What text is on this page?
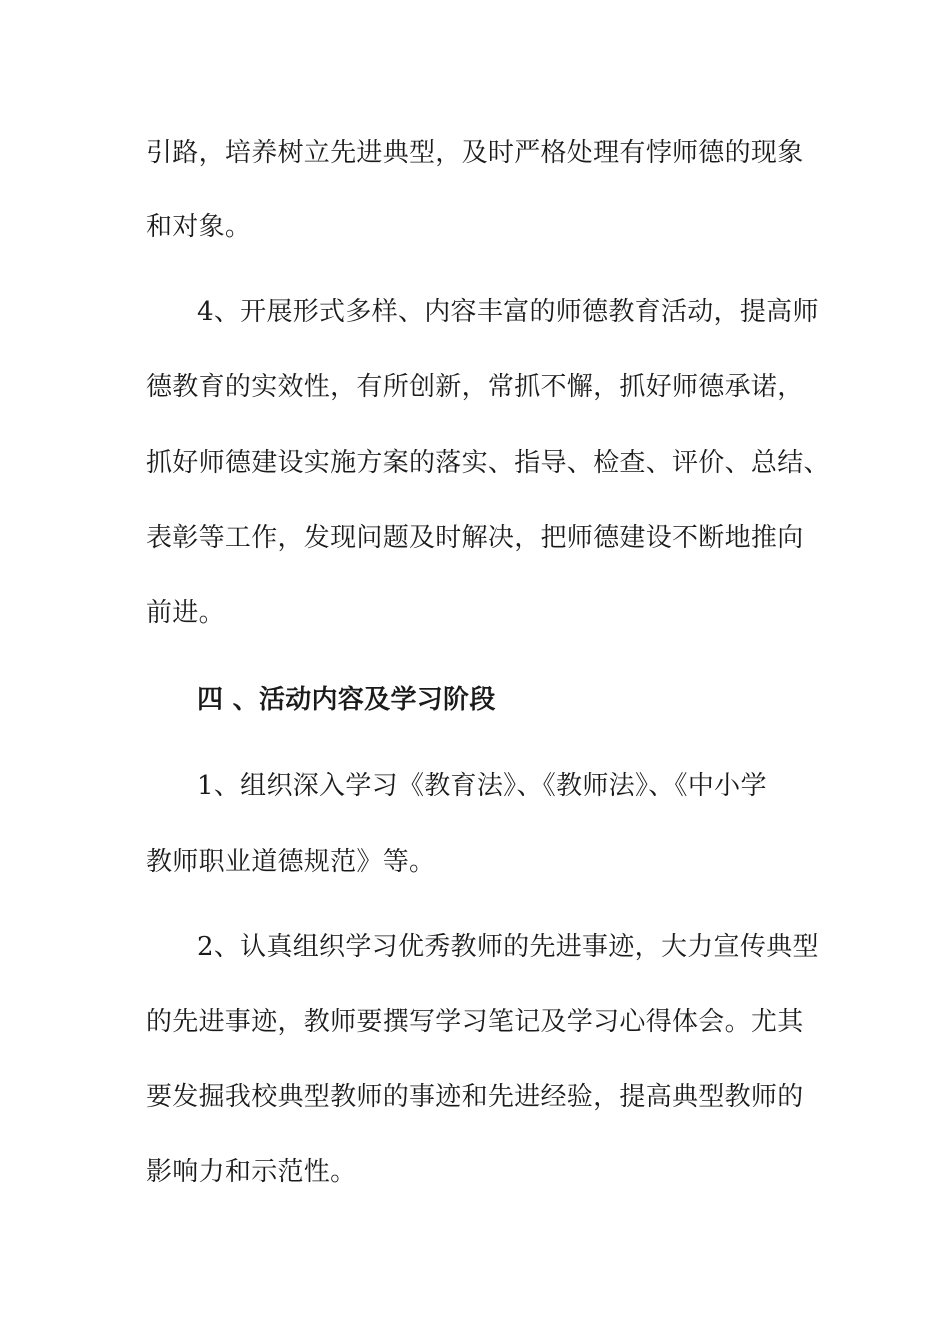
引路，培养树立先进典型，及时严格处理有悖师德的现象
和对象。
4、开展形式多样、内容丰富的师德教育活动，提高师
德教育的实效性，有所创新，常抓不懈，抓好师德承诺，
抓好师德建设实施方案的落实、指导、检查、评价、总结、
表彰等工作，发现问题及时解决，把师德建设不断地推向
前进。
四 、活动内容及学习阶段
1、组织深入学习《教育法》、《教师法》、《中小学
教师职业道德规范》等。
2、认真组织学习优秀教师的先进事迹，大力宣传典型
的先进事迹，教师要撰写学习笔记及学习心得体会。尤其
要发掘我校典型教师的事迹和先进经验，提高典型教师的
影响力和示范性。
